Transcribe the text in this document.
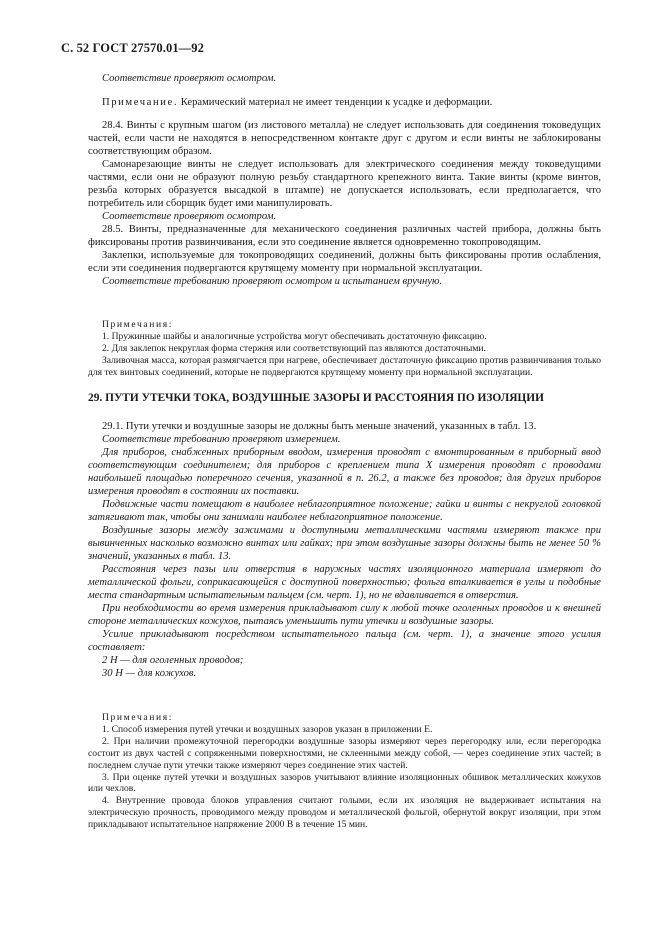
С. 52 ГОСТ 27570.01—92

Соответствие проверяют осмотром.

Примечание. Керамический материал не имеет тенденции к усадке и деформации.

28.4. Винты с крупным шагом (из листового металла) не следует использовать для соединения токоведущих частей, если части не находятся в непосредственном контакте друг с другом и если винты не заблокированы соответствующим образом.

Самонарезающие винты не следует использовать для электрического соединения между токоведущими частями, если они не образуют полную резьбу стандартного крепежного винта. Такие винты (кроме винтов, резьба которых образуется высадкой в штампе) не допускается использовать, если предполагается, что потребитель или сборщик будет ими манипулировать.

Соответствие проверяют осмотром.

28.5. Винты, предназначенные для механического соединения различных частей прибора, должны быть фиксированы против развинчивания, если это соединение является одновременно токопроводящим.

Заклепки, используемые для токопроводящих соединений, должны быть фиксированы против ослабления, если эти соединения подвергаются крутящему моменту при нормальной эксплуатации.

Соответствие требованию проверяют осмотром и испытанием вручную.

Примечания:

1. Пружинные шайбы и аналогичные устройства могут обеспечивать достаточную фиксацию.

2. Для заклепок некруглая форма стержня или соответствующий паз являются достаточными.

Заливочная масса, которая размягчается при нагреве, обеспечивает достаточную фиксацию против развинчивания только для тех винтовых соединений, которые не подвергаются крутящему моменту при нормальной эксплуатации.

29. ПУТИ УТЕЧКИ ТОКА, ВОЗДУШНЫЕ ЗАЗОРЫ И РАССТОЯНИЯ ПО ИЗОЛЯЦИИ

29.1. Пути утечки и воздушные зазоры не должны быть меньше значений, указанных в табл. 13.

Соответствие требованию проверяют измерением.

Для приборов, снабженных приборным вводом, измерения проводят с вмонтированным в приборный ввод соответствующим соединителем; для приборов с креплением типа X измерения проводят с проводами наибольшей площадью поперечного сечения, указанной в п. 26.2, а также без проводов; для других приборов измерения проводят в состоянии их поставки.

Подвижные части помещают в наиболее неблагоприятное положение; гайки и винты с некруглой головкой затягивают так, чтобы они занимали наиболее неблагоприятное положение.

Воздушные зазоры между зажимами и доступными металлическими частями измеряют также при вывинченных насколько возможно винтах или гайках; при этом воздушные зазоры должны быть не менее 50 % значений, указанных в табл. 13.

Расстояния через пазы или отверстия в наружных частях изоляционного материала измеряют до металлической фольги, соприкасающейся с доступной поверхностью; фольга вталкивается в углы и подобные места стандартным испытательным пальцем (см. черт. 1), но не вдавливается в отверстия.

При необходимости во время измерения прикладывают силу к любой точке оголенных проводов и к внешней стороне металлических кожухов, пытаясь уменьшить пути утечки и воздушные зазоры.

Усилие прикладывают посредством испытательного пальца (см. черт. 1), а значение этого усилия составляет:

2 Н — для оголенных проводов;

30 Н — для кожухов.

Примечания:

1. Способ измерения путей утечки и воздушных зазоров указан в приложении Е.

2. При наличии промежуточной перегородки воздушные зазоры измеряют через перегородку или, если перегородка состоит из двух частей с сопряженными поверхностями, не склеенными между собой, — через соединение этих частей; в последнем случае пути утечки также измеряют через соединение этих частей.

3. При оценке путей утечки и воздушных зазоров учитывают влияние изоляционных обшивок металлических кожухов или чехлов.

4. Внутренние провода блоков управления считают голыми, если их изоляция не выдерживает испытания на электрическую прочность, проводимого между проводом и металлической фольгой, обернутой вокруг изоляции, при этом прикладывают испытательное напряжение 2000 В в течение 15 мин.
